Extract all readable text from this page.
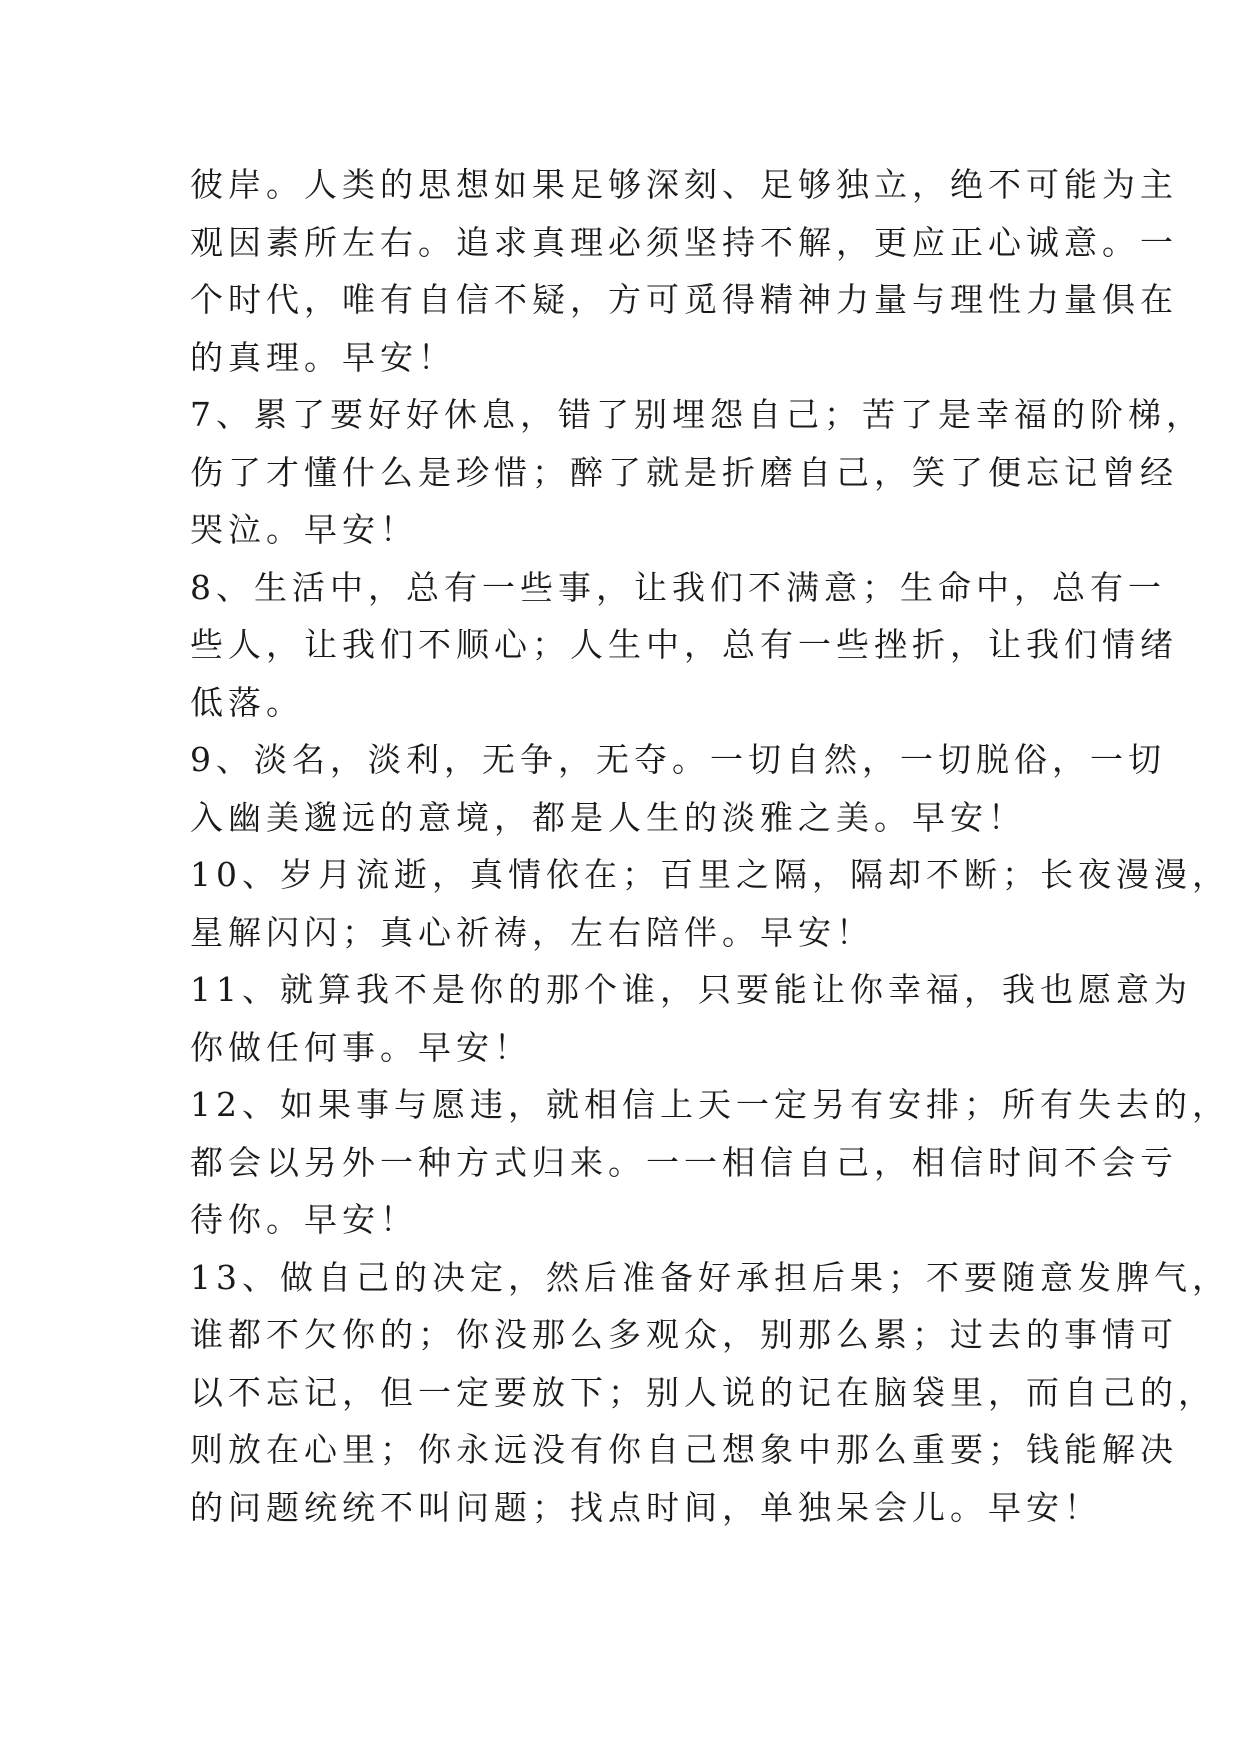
彼岸。人类的思想如果足够深刻、足够独立，绝不可能为主
观因素所左右。追求真理必须坚持不解，更应正心诚意。一
个时代，唯有自信不疑，方可觅得精神力量与理性力量俱在
的真理。早安！
7、累了要好好休息，错了别埋怨自己；苦了是幸福的阶梯，
伤了才懂什么是珍惜；醉了就是折磨自己，笑了便忘记曾经
哭泣。早安！
8、生活中，总有一些事，让我们不满意；生命中，总有一
些人，让我们不顺心；人生中，总有一些挫折，让我们情绪
低落。
9、淡名，淡利，无争，无夺。一切自然，一切脱俗，一切
入幽美邈远的意境，都是人生的淡雅之美。早安！
10、岁月流逝，真情依在；百里之隔，隔却不断；长夜漫漫，
星解闪闪；真心祈祷，左右陪伴。早安！
11、就算我不是你的那个谁，只要能让你幸福，我也愿意为
你做任何事。早安！
12、如果事与愿违，就相信上天一定另有安排；所有失去的，
都会以另外一种方式归来。一一相信自己，相信时间不会亏
待你。早安！
13、做自己的决定，然后准备好承担后果；不要随意发脾气，
谁都不欠你的；你没那么多观众，别那么累；过去的事情可
以不忘记，但一定要放下；别人说的记在脑袋里，而自己的，
则放在心里；你永远没有你自己想象中那么重要；钱能解决
的问题统统不叫问题；找点时间，单独呆会儿。早安！
